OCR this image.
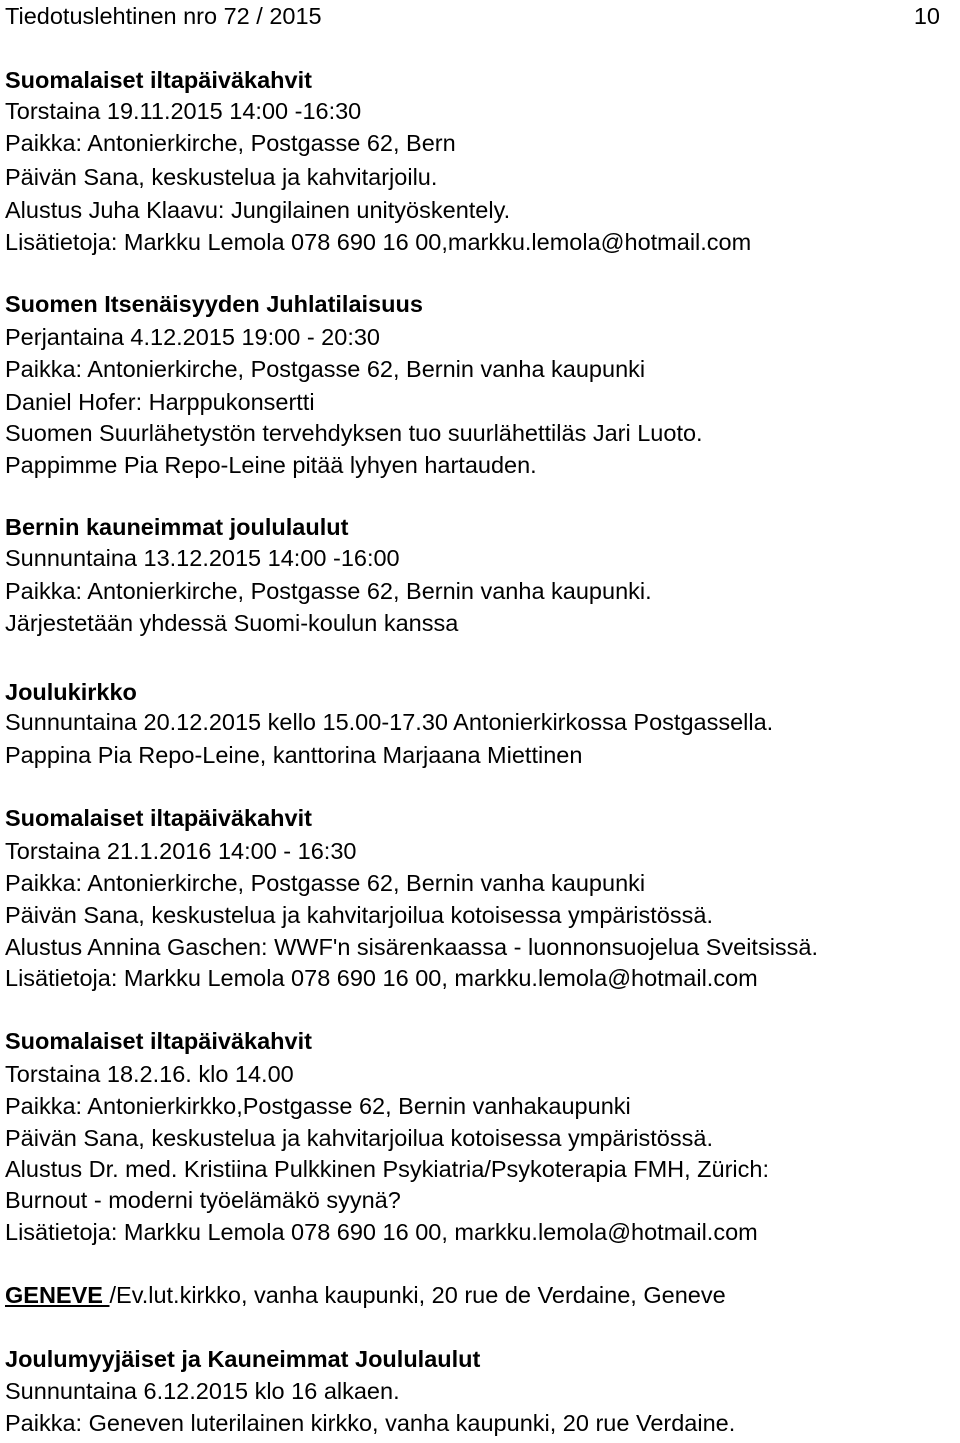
Tiedotuslehtinen nro 72 / 2015	10
Suomalaiset iltapäiväkahvit
Torstaina 19.11.2015 14:00 -16:30
Paikka: Antonierkirche, Postgasse 62, Bern
Päivän Sana, keskustelua ja kahvitarjoilu.
Alustus Juha Klaavu: Jungilainen unityöskentely.
Lisätietoja: Markku Lemola 078 690 16 00,markku.lemola@hotmail.com
Suomen Itsenäisyyden Juhlatilaisuus
Perjantaina 4.12.2015 19:00 - 20:30
Paikka: Antonierkirche, Postgasse 62, Bernin vanha kaupunki
Daniel Hofer: Harppukonsertti
Suomen Suurlähetystön tervehdyksen tuo suurlähettiläs Jari Luoto.
Pappimme Pia Repo-Leine pitää lyhyen hartauden.
Bernin kauneimmat joululaulut
Sunnuntaina 13.12.2015 14:00 -16:00
Paikka: Antonierkirche, Postgasse 62, Bernin vanha kaupunki.
Järjestetään yhdessä Suomi-koulun kanssa
Joulukirkko
Sunnuntaina 20.12.2015 kello 15.00-17.30 Antonierkirkossa Postgassella.
Pappina Pia Repo-Leine, kanttorina Marjaana Miettinen
Suomalaiset iltapäiväkahvit
Torstaina 21.1.2016 14:00 - 16:30
Paikka: Antonierkirche, Postgasse 62, Bernin vanha kaupunki
Päivän Sana, keskustelua ja kahvitarjoilua kotoisessa ympäristössä.
Alustus Annina Gaschen: WWF'n sisärenkaassa - luonnonsuojelua Sveitsissä.
Lisätietoja: Markku Lemola 078 690 16 00, markku.lemola@hotmail.com
Suomalaiset iltapäiväkahvit
Torstaina 18.2.16. klo 14.00
Paikka: Antonierkirkko,Postgasse 62, Bernin vanhakaupunki
Päivän Sana, keskustelua ja kahvitarjoilua kotoisessa ympäristössä.
Alustus Dr. med. Kristiina Pulkkinen Psykiatria/Psykoterapia FMH, Zürich:
Burnout - moderni työelämäkö syynä?
Lisätietoja: Markku Lemola 078 690 16 00, markku.lemola@hotmail.com
GENEVE /Ev.lut.kirkko, vanha kaupunki, 20 rue de Verdaine, Geneve
Joulumyyjäiset ja Kauneimmat Joululaulut
Sunnuntaina 6.12.2015 klo 16 alkaen.
Paikka: Geneven luterilainen kirkko, vanha kaupunki, 20 rue Verdaine.
